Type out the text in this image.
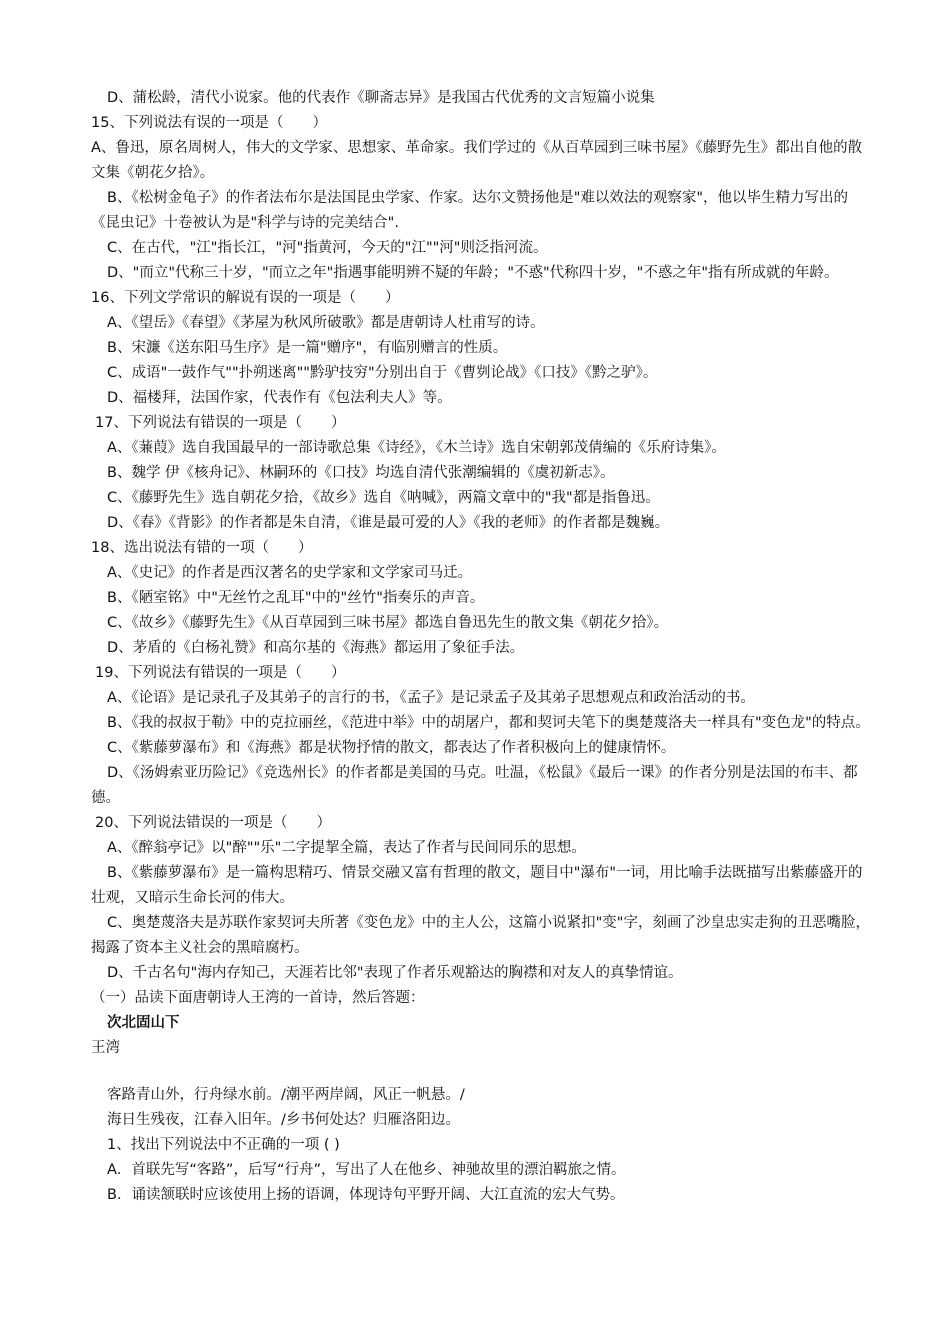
D、蒲松龄，清代小说家。他的代表作《聊斋志异》是我国古代优秀的文言短篇小说集
15、下列说法有误的一项是（　　）
A、鲁迅，原名周树人，伟大的文学家、思想家、革命家。我们学过的《从百草园到三味书屋》《藤野先生》都出自他的散文集《朝花夕拾》。
B、《松树金龟子》的作者法布尔是法国昆虫学家、作家。达尔文赞扬他是"难以效法的观察家"，他以毕生精力写出的《昆虫记》十卷被认为是"科学与诗的完美结合".
C、在古代，"江"指长江，"河"指黄河，今天的"江""河"则泛指河流。
D、"而立"代称三十岁，"而立之年"指遇事能明辨不疑的年龄；"不惑"代称四十岁，"不惑之年"指有所成就的年龄。
16、下列文学常识的解说有误的一项是（　　）
A、《望岳》《春望》《茅屋为秋风所破歌》都是唐朝诗人杜甫写的诗。
B、宋濂《送东阳马生序》是一篇"赠序"，有临别赠言的性质。
C、成语"一鼓作气""扑朔迷离""黔驴技穷"分别出自于《曹刿论战》《口技》《黔之驴》。
D、福楼拜，法国作家，代表作有《包法利夫人》等。
17、下列说法有错误的一项是（　　）
A、《蒹葭》选自我国最早的一部诗歌总集《诗经》，《木兰诗》选自宋朝郭茂倩编的《乐府诗集》。
B、魏学 伊《核舟记》、林嗣环的《口技》均选自清代张潮编辑的《虞初新志》。
C、《藤野先生》选自朝花夕拾，《故乡》选自《呐喊》，两篇文章中的"我"都是指鲁迅。
D、《春》《背影》的作者都是朱自清，《谁是最可爱的人》《我的老师》的作者都是魏巍。
18、选出说法有错的一项（　　）
A、《史记》的作者是西汉著名的史学家和文学家司马迁。
B、《陋室铭》中"无丝竹之乱耳"中的"丝竹"指奏乐的声音。
C、《故乡》《藤野先生》《从百草园到三味书屋》都选自鲁迅先生的散文集《朝花夕拾》。
D、茅盾的《白杨礼赞》和高尔基的《海燕》都运用了象征手法。
19、下列说法有错误的一项是（　　）
A、《论语》是记录孔子及其弟子的言行的书，《孟子》是记录孟子及其弟子思想观点和政治活动的书。
B、《我的叔叔于勒》中的克拉丽丝，《范进中举》中的胡屠户，都和契诃夫笔下的奥楚蔑洛夫一样具有"变色龙"的特点。
C、《紫藤萝瀑布》和《海燕》都是状物抒情的散文，都表达了作者积极向上的健康情怀。
D、《汤姆索亚历险记》《竞选州长》的作者都是美国的马克。吐温，《松鼠》《最后一课》的作者分别是法国的布丰、都德。
20、下列说法错误的一项是（　　）
A、《醉翁亭记》以"醉""乐"二字提挈全篇，表达了作者与民间同乐的思想。
B、《紫藤萝瀑布》是一篇构思精巧、情景交融又富有哲理的散文，题目中"瀑布"一词，用比喻手法既描写出紫藤盛开的壮观，又暗示生命长河的伟大。
C、奥楚蔑洛夫是苏联作家契诃夫所著《变色龙》中的主人公，这篇小说紧扣"变"字，刻画了沙皇忠实走狗的丑恶嘴脸，揭露了资本主义社会的黑暗腐朽。
D、千古名句"海内存知己，天涯若比邻"表现了作者乐观豁达的胸襟和对友人的真挚情谊。
（一）品读下面唐朝诗人王湾的一首诗，然后答题：
次北固山下
王湾
客路青山外，行舟绿水前。/潮平两岸阔，风正一帆悬。/
海日生残夜，江春入旧年。/乡书何处达？归雁洛阳边。
1、找出下列说法中不正确的一项 ( )
A．首联先写“客路”，后写“行舟”，写出了人在他乡、神驰故里的漂泊羁旅之情。
B．诵读颔联时应该使用上扬的语调，体现诗句平野开阔、大江直流的宏大气势。
